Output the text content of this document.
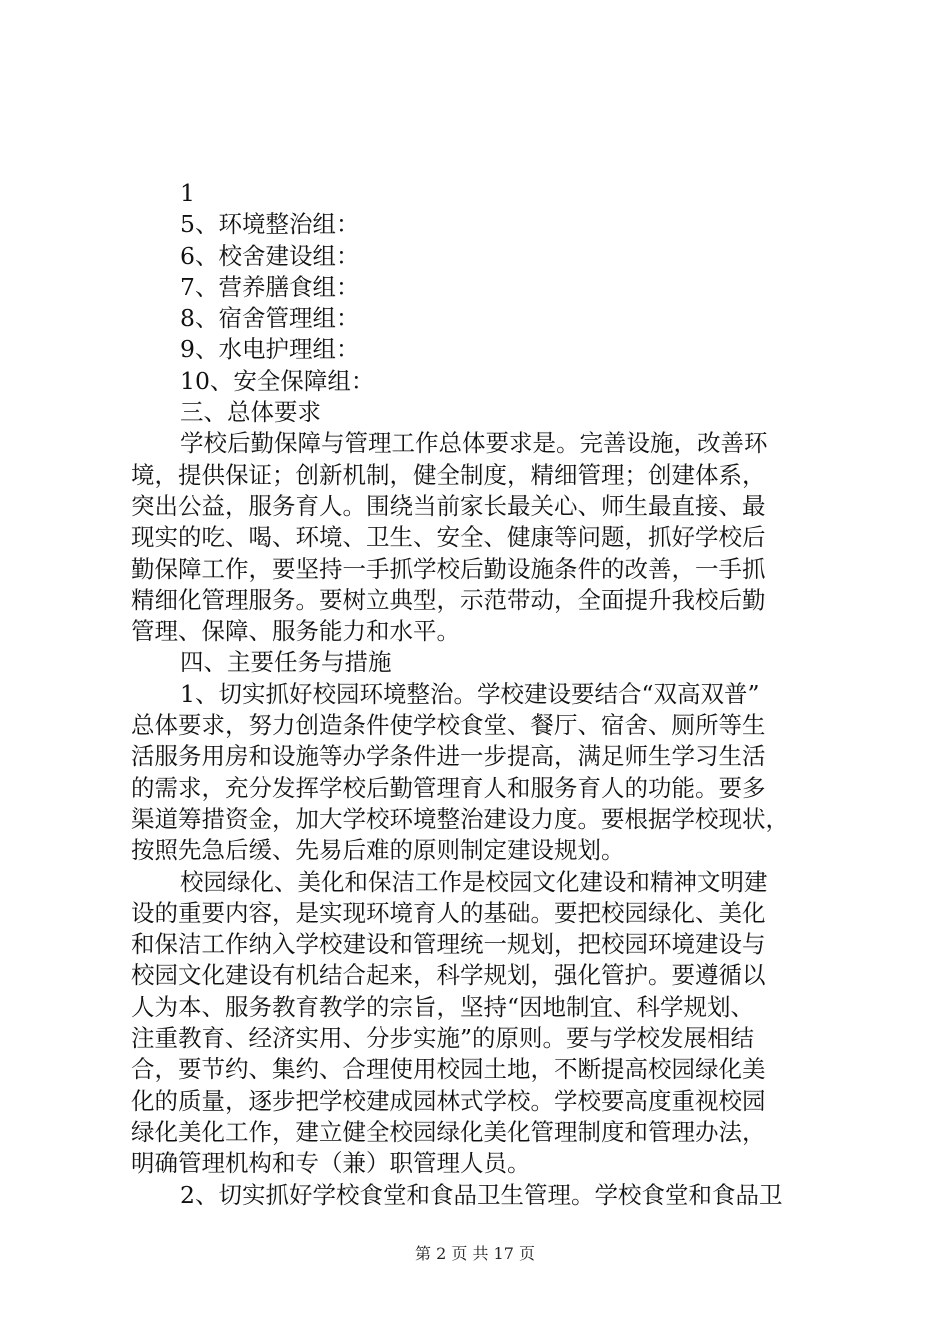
1
5、环境整治组：
6、校舍建设组：
7、营养膳食组：
8、宿舍管理组：
9、水电护理组：
10、安全保障组：
三、总体要求
学校后勤保障与管理工作总体要求是。完善设施，改善环
境，提供保证；创新机制，健全制度，精细管理；创建体系，
突出公益，服务育人。围绕当前家长最关心、师生最直接、最
现实的吃、喝、环境、卫生、安全、健康等问题，抓好学校后
勤保障工作，要坚持一手抓学校后勤设施条件的改善，一手抓
精细化管理服务。要树立典型，示范带动，全面提升我校后勤
管理、保障、服务能力和水平。
四、主要任务与措施
1、切实抓好校园环境整治。学校建设要结合“双高双普”
总体要求，努力创造条件使学校食堂、餐厅、宿舍、厕所等生
活服务用房和设施等办学条件进一步提高，满足师生学习生活
的需求，充分发挥学校后勤管理育人和服务育人的功能。要多
渠道筹措资金，加大学校环境整治建设力度。要根据学校现状，
按照先急后缓、先易后难的原则制定建设规划。
校园绿化、美化和保洁工作是校园文化建设和精神文明建
设的重要内容，是实现环境育人的基础。要把校园绿化、美化
和保洁工作纳入学校建设和管理统一规划，把校园环境建设与
校园文化建设有机结合起来，科学规划，强化管护。要遵循以
人为本、服务教育教学的宗旨，坚持“因地制宜、科学规划、
注重教育、经济实用、分步实施”的原则。要与学校发展相结
合，要节约、集约、合理使用校园土地，不断提高校园绿化美
化的质量，逐步把学校建成园林式学校。学校要高度重视校园
绿化美化工作，建立健全校园绿化美化管理制度和管理办法，
明确管理机构和专（兼）职管理人员。
2、切实抓好学校食堂和食品卫生管理。学校食堂和食品卫
第 2 页 共 17 页
